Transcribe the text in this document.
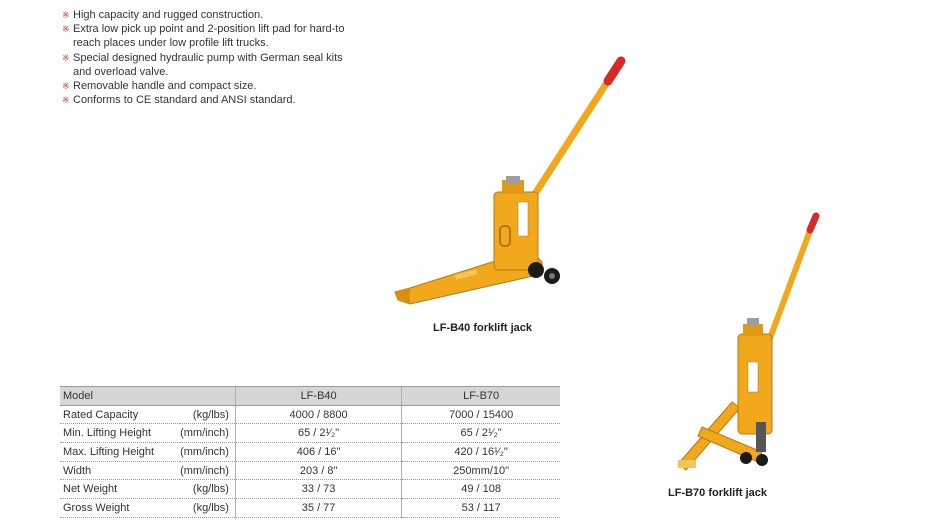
※ High capacity and rugged construction.
※ Extra low pick up point and 2-position lift pad for hard-to
reach places under low profile lift trucks.
※ Special designed hydraulic pump with German seal kits
and overload valve.
※ Removable handle and compact size.
※ Conforms to CE standard and ANSI standard.
LF-B40 forklift jack
LF-B70 forklift jack
Model		LF-B40	LF-B70
Rated Capacity	(kg/lbs)	4000 / 8800	7000 / 15400
Min. Lifting Height	(mm/inch)	65 / 2¹⁄₂"	65 / 2¹⁄₂"
Max. Lifting Height	(mm/inch)	406 / 16"	420 / 16¹⁄₂"
Width	(mm/inch)	203 / 8"	250mm/10"
Net Weight	(kg/lbs)	33 / 73	49 / 108
Gross Weight	(kg/lbs)	35 / 77	53 / 117
